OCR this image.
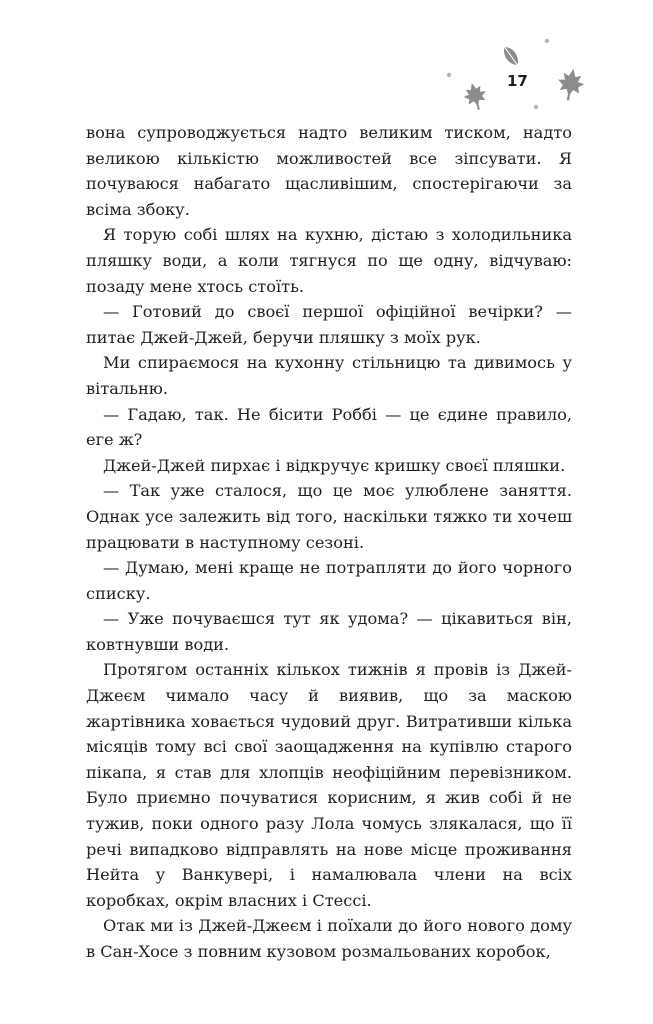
17

вона супроводжується надто великим тиском, надто великою кількістю можливостей все зіпсувати. Я почуваюся набагато щасливішим, спостерігаючи за всіма збоку.

Я торую собі шлях на кухню, дістаю з холодильника пляшку води, а коли тягнуся по ще одну, відчуваю: позаду мене хтось стоїть.

— Готовий до своєї першої офіційної вечірки? — питає Джей-Джей, беручи пляшку з моїх рук.

Ми спираємося на кухонну стільницю та дивимось у вітальню.

— Гадаю, так. Не бісити Роббі — це єдине правило, еге ж?

Джей-Джей пирхає і відкручує кришку своєї пляшки.

— Так уже сталося, що це моє улюблене заняття. Однак усе залежить від того, наскільки тяжко ти хочеш працювати в наступному сезоні.

— Думаю, мені краще не потрапляти до його чорного списку.

— Уже почуваєшся тут як удома? — цікавиться він, ковтнувши води.

Протягом останніх кількох тижнів я провів із Джей-Джеєм чимало часу й виявив, що за маскою жартівника ховається чудовий друг. Витративши кілька місяців тому всі свої заощадження на купівлю старого пікапа, я став для хлопців неофіційним перевізником. Було приємно почуватися корисним, я жив собі й не тужив, поки одного разу Лола чомусь злякалася, що її речі випадково відправлять на нове місце проживання Нейта у Ванкувері, і намалювала члени на всіх коробках, окрім власних і Стессі.

Отак ми із Джей-Джеєм і поїхали до його нового дому в Сан-Хосе з повним кузовом розмальованих коробок,
